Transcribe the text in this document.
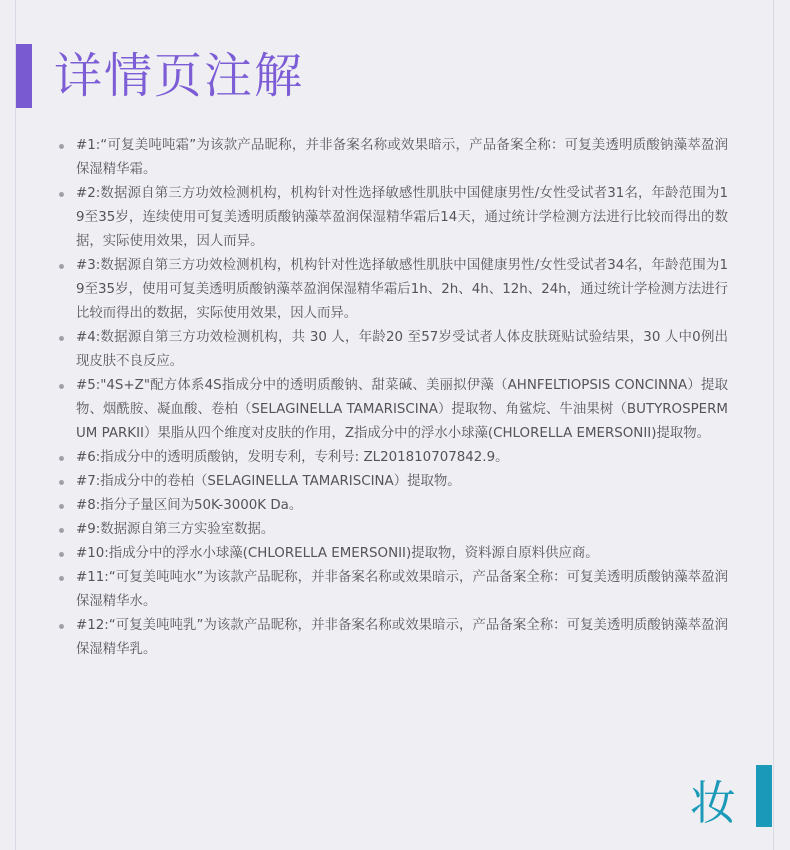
详情页注解
#1:“可复美吨吨霜”为该款产品昵称，并非备案名称或效果暗示，产品备案全称：可复美透明质酸钠藻萃盈润保湿精华霜。
#2:数据源自第三方功效检测机构，机构针对性选择敏感性肌肤中国健康男性/女性受试者31名，年龄范围为19至35岁，连续使用可复美透明质酸钠藻萃盈润保湿精华霜后14天，通过统计学检测方法进行比较而得出的数据，实际使用效果，因人而异。
#3:数据源自第三方功效检测机构，机构针对性选择敏感性肌肤中国健康男性/女性受试者34名，年龄范围为19至35岁，使用可复美透明质酸钠藻萃盈润保湿精华霜后1h、2h、4h、12h、24h，通过统计学检测方法进行比较而得出的数据，实际使用效果，因人而异。
#4:数据源自第三方功效检测机构，共 30 人，年龄20 至57岁受试者人体皮肤斑贴试验结果，30 人中0例出现皮肤不良反应。
#5:"4S+Z"配方体系4S指成分中的透明质酸钠、甜菜碱、美丽拟伊藻（AHNFELTIOPSIS CONCINNA）提取物、烟酰胺、凝血酸、卷柏（SELAGINELLA TAMARISCINA）提取物、角鲨烷、牛油果树（BUTYROSPERMUM PARKII）果脂从四个维度对皮肤的作用，Z指成分中的浮水小球藻(CHLORELLA EMERSONII)提取物。
#6:指成分中的透明质酸钠，发明专利，专利号: ZL201810707842.9。
#7:指成分中的卷柏（SELAGINELLA TAMARISCINA）提取物。
#8:指分子量区间为50K-3000K Da。
#9:数据源自第三方实验室数据。
#10:指成分中的浮水小球藻(CHLORELLA EMERSONII)提取物，资料源自原料供应商。
#11:“可复美吨吨水”为该款产品昵称，并非备案名称或效果暗示，产品备案全称：可复美透明质酸钠藻萃盈润保湿精华水。
#12:“可复美吨吨乳”为该款产品昵称，并非备案名称或效果暗示，产品备案全称：可复美透明质酸钠藻萃盈润保湿精华乳。
妆
